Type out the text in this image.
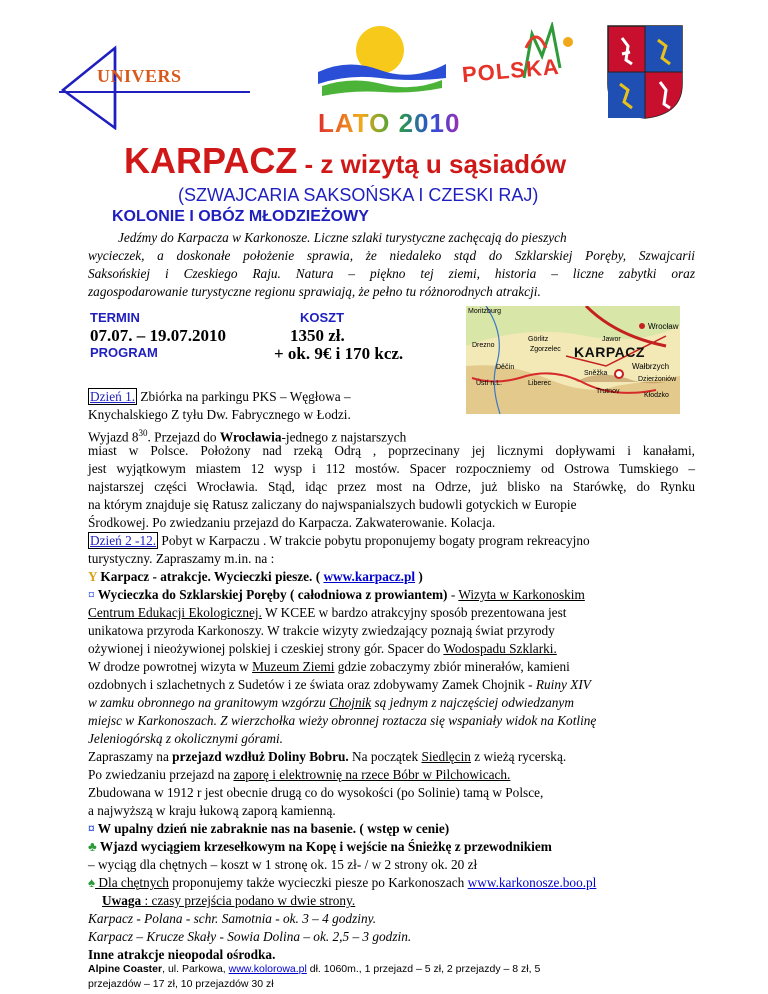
UNIVERS	POLSKA
LATO 2010
KARPACZ - z wizytą u sąsiadów
(SZWAJCARIA SAKSOŃSKA I CZESKI RAJ)
KOLONIE I OBÓZ MŁODZIEŻOWY
Jedźmy do Karpacza w Karkonosze. Liczne szlaki turystyczne zachęcają do pieszych
wycieczek, a doskonałe położenie sprawia, że niedaleko stąd do Szklarskiej Poręby, Szwajcarii
Saksońskiej i Czeskiego Raju. Natura – piękno tej ziemi, historia – liczne zabytki oraz
zagospodarowanie turystyczne regionu sprawiają, że pełno tu różnorodnych atrakcji.
TERMIN	KOSZT
07.07. – 19.07.2010	1350 zł.
PROGRAM	+ ok. 9€ i 170 kcz.
Moritzburg
Wrocław
Drezno
Görlitz
Zgorzelec
Děčín
Ústí n.L.	Liberec
Sněžka
Trutnov
Wałbrzych
Dzierżoniów
Kłodzko
Jawor
KARPACZ
Dzień 1. Zbiórka na parkingu PKS – Węgłowa –
Knychalskiego Z tyłu Dw. Fabrycznego w Łodzi.
Wyjazd $8^{30}$. Przejazd do Wrocławia-jednego z najstarszych
miast w Polsce. Położony nad rzeką Odrą , poprzecinany jej licznymi dopływami i kanałami,
jest wyjątkowym miastem 12 wysp i 112 mostów. Spacer rozpoczniemy od Ostrowa Tumskiego –
najstarszej części Wrocławia. Stąd, idąc przez most na Odrze, już blisko na Starówkę, do Rynku
na którym znajduje się Ratusz zaliczany do najwspanialszych budowli gotyckich w Europie
Środkowej. Po zwiedzaniu przejazd do Karpacza. Zakwaterowanie. Kolacja.
Dzień 2 -12. Pobyt w Karpaczu . W trakcie pobytu proponujemy bogaty program rekreacyjno
turystyczny. Zapraszamy m.in. na :
Y Karpacz - atrakcje. Wycieczki piesze. ( www.karpacz.pl )
¤ Wycieczka do Szklarskiej Poręby ( całodniowa z prowiantem) - Wizyta w Karkonoskim
Centrum Edukacji Ekologicznej. W KCEE w bardzo atrakcyjny sposób prezentowana jest
unikatowa przyroda Karkonoszy. W trakcie wizyty zwiedzający poznają świat przyrody
ożywionej i nieożywionej polskiej i czeskiej strony gór. Spacer do Wodospadu Szklarki.
W drodze powrotnej wizyta w Muzeum Ziemi gdzie zobaczymy zbiór minerałów, kamieni
ozdobnych i szlachetnych z Sudetów i ze świata oraz zdobywamy Zamek Chojnik - Ruiny XIV
w zamku obronnego na granitowym wzgórzu Chojnik są jednym z najczęściej odwiedzanym
miejsc w Karkonoszach. Z wierzchołka wieży obronnej roztacza się wspaniały widok na Kotlinę
Jeleniogórską z okolicznymi górami.
Zapraszamy na przejazd wzdłuż Doliny Bobru. Na początek Siedlęcin z wieżą rycerską.
Po zwiedzaniu przejazd na zaporę i elektrownię na rzece Bóbr w Pilchowicach.
Zbudowana w 1912 r jest obecnie drugą co do wysokości (po Solinie) tamą w Polsce,
a najwyższą w kraju łukową zaporą kamienną.
¤ W upalny dzień nie zabraknie nas na basenie. ( wstęp w cenie)
♣ Wjazd wyciągiem krzesełkowym na Kopę i wejście na Śnieżkę z przewodnikiem
– wyciąg dla chętnych – koszt w 1 stronę ok. 15 zł- / w 2 strony ok. 20 zł
♠ Dla chętnych proponujemy także wycieczki piesze po Karkonoszach www.karkonosze.boo.pl
Uwaga : czasy przejścia podano w dwie strony.
Karpacz - Polana - schr. Samotnia - ok. 3 – 4 godziny.
Karpacz – Krucze Skały - Sowia Dolina – ok. 2,5 – 3 godzin.
Inne atrakcje nieopodal ośrodka.
Alpine Coaster, ul. Parkowa, www.kolorowa.pl dł. 1060m., 1 przejazd – 5 zł, 2 przejazdy – 8 zł, 5
przejazdów – 17 zł, 10 przejazdów 30 zł
